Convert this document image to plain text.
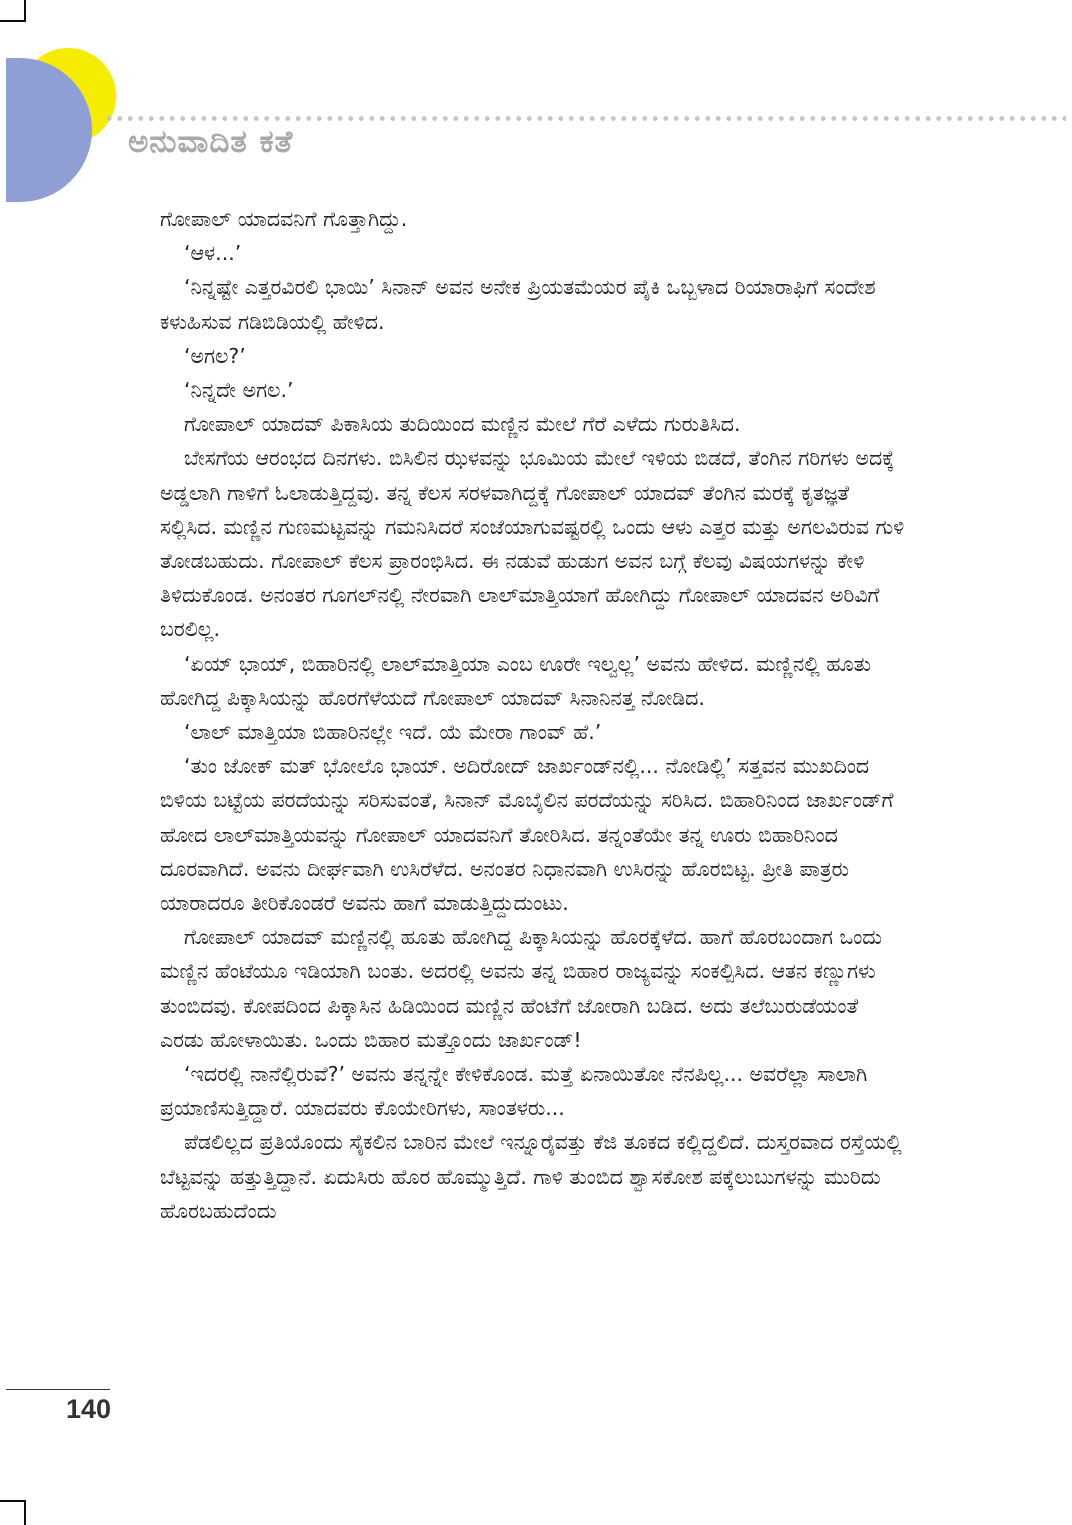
ಅನುವಾದಿತ ಕತೆ

ಗೋಪಾಲ್ ಯಾದವನಿಗೆ ಗೊತ್ತಾಗಿದ್ದು.

‘ಆಳ...’

‘ನಿನ್ನಷ್ಟೇ ಎತ್ತರವಿರಲಿ ಭಾಯಿ’ ಸಿನಾನ್ ಅವನ ಅನೇಕ ಪ್ರಿಯತಮೆಯರ ಪೈಕಿ ಒಬ್ಬಳಾದ ರಿಯಾರಾಫಿಗೆ ಸಂದೇಶ ಕಳುಹಿಸುವ ಗಡಿಬಿಡಿಯಲ್ಲಿ ಹೇಳಿದ.

‘ಅಗಲ?’

‘ನಿನ್ನದೇ ಅಗಲ.’

ಗೋಪಾಲ್ ಯಾದವ್ ಪಿಕಾಸಿಯ ತುದಿಯಿಂದ ಮಣ್ಣಿನ ಮೇಲೆ ಗೆರೆ ಎಳೆದು ಗುರುತಿಸಿದ.

ಬೇಸಗೆಯ ಆರಂಭದ ದಿನಗಳು. ಬಿಸಿಲಿನ ಝಳವನ್ನು ಭೂಮಿಯ ಮೇಲೆ ಇಳಿಯ ಬಿಡದೆ, ತೆಂಗಿನ ಗರಿಗಳು ಅದಕ್ಕೆ ಅಡ್ಡಲಾಗಿ ಗಾಳಿಗೆ ಓಲಾಡುತ್ತಿದ್ದವು. ತನ್ನ ಕೆಲಸ ಸರಳವಾಗಿದ್ದಕ್ಕೆ ಗೋಪಾಲ್ ಯಾದವ್ ತೆಂಗಿನ ಮರಕ್ಕೆ ಕೃತಜ್ಞತೆ ಸಲ್ಲಿಸಿದ. ಮಣ್ಣಿನ ಗುಣಮಟ್ಟವನ್ನು ಗಮನಿಸಿದರೆ ಸಂಜೆಯಾಗುವಷ್ಟರಲ್ಲಿ ಒಂದು ಆಳು ಎತ್ತರ ಮತ್ತು ಅಗಲವಿರುವ ಗುಳಿ ತೋಡಬಹುದು. ಗೋಪಾಲ್ ಕೆಲಸ ಪ್ರಾರಂಭಿಸಿದ. ಈ ನಡುವೆ ಹುಡುಗ ಅವನ ಬಗ್ಗೆ ಕೆಲವು ವಿಷಯಗಳನ್ನು ಕೇಳಿ ತಿಳಿದುಕೊಂಡ. ಅನಂತರ ಗೂಗಲ್‌ನಲ್ಲಿ ನೇರವಾಗಿ ಲಾಲ್‌ಮಾತ್ತಿಯಾಗೆ ಹೋಗಿದ್ದು ಗೋಪಾಲ್ ಯಾದವನ ಅರಿವಿಗೆ ಬರಲಿಲ್ಲ.

‘ಏಯ್ ಭಾಯ್, ಬಿಹಾರಿನಲ್ಲಿ ಲಾಲ್‌ಮಾತ್ತಿಯಾ ಎಂಬ ಊರೇ ಇಲ್ವಲ್ಲ’ ಅವನು ಹೇಳಿದ. ಮಣ್ಣಿನಲ್ಲಿ ಹೂತು ಹೋಗಿದ್ದ ಪಿಕ್ಕಾಸಿಯನ್ನು ಹೊರಗೆಳೆಯದೆ ಗೋಪಾಲ್ ಯಾದವ್ ಸಿನಾನಿನತ್ತ ನೋಡಿದ.

‘ಲಾಲ್ ಮಾತ್ತಿಯಾ ಬಿಹಾರಿನಲ್ಲೇ ಇದೆ. ಯೆ ಮೇರಾ ಗಾಂವ್ ಹೆ.’

‘ತುಂ ಜೋಕ್ ಮತ್ ಭೋಲೊ ಭಾಯ್. ಅದಿರೋದ್ ಜಾರ್ಖಂಡ್‌ನಲ್ಲಿ... ನೋಡಿಲ್ಲಿ’ ಸತ್ತವನ ಮುಖದಿಂದ ಬಿಳಿಯ ಬಟ್ಟೆಯ ಪರದೆಯನ್ನು ಸರಿಸುವಂತೆ, ಸಿನಾನ್ ಮೊಬೈಲಿನ ಪರದೆಯನ್ನು ಸರಿಸಿದ. ಬಿಹಾರಿನಿಂದ ಜಾರ್ಖಂಡ್‌ಗೆ ಹೋದ ಲಾಲ್‌ಮಾತ್ತಿಯವನ್ನು ಗೋಪಾಲ್ ಯಾದವನಿಗೆ ತೋರಿಸಿದ. ತನ್ನಂತೆಯೇ ತನ್ನ ಊರು ಬಿಹಾರಿನಿಂದ ದೂರವಾಗಿದೆ. ಅವನು ದೀರ್ಘವಾಗಿ ಉಸಿರೆಳೆದ. ಅನಂತರ ನಿಧಾನವಾಗಿ ಉಸಿರನ್ನು ಹೊರಬಿಟ್ಟ. ಪ್ರೀತಿ ಪಾತ್ರರು ಯಾರಾದರೂ ತೀರಿಕೊಂಡರೆ ಅವನು ಹಾಗೆ ಮಾಡುತ್ತಿದ್ದುದುಂಟು.

ಗೋಪಾಲ್ ಯಾದವ್ ಮಣ್ಣಿನಲ್ಲಿ ಹೂತು ಹೋಗಿದ್ದ ಪಿಕ್ಕಾಸಿಯನ್ನು ಹೊರಕ್ಕೆಳೆದ. ಹಾಗೆ ಹೊರಬಂದಾಗ ಒಂದು ಮಣ್ಣಿನ ಹೆಂಟೆಯೂ ಇಡಿಯಾಗಿ ಬಂತು. ಅದರಲ್ಲಿ ಅವನು ತನ್ನ ಬಿಹಾರ ರಾಜ್ಯವನ್ನು ಸಂಕಲ್ಪಿಸಿದ. ಆತನ ಕಣ್ಣುಗಳು ತುಂಬಿದವು. ಕೋಪದಿಂದ ಪಿಕ್ಕಾಸಿನ ಹಿಡಿಯಿಂದ ಮಣ್ಣಿನ ಹೆಂಟೆಗೆ ಜೋರಾಗಿ ಬಡಿದ. ಅದು ತಲೆಬುರುಡೆಯಂತೆ ಎರಡು ಹೋಳಾಯಿತು. ಒಂದು ಬಿಹಾರ ಮತ್ತೊಂದು ಜಾರ್ಖಂಡ್!

‘ಇದರಲ್ಲಿ ನಾನೆಲ್ಲಿರುವೆ?’ ಅವನು ತನ್ನನ್ನೇ ಕೇಳಿಕೊಂಡ. ಮತ್ತೆ ಏನಾಯಿತೋ ನೆನಪಿಲ್ಲ... ಅವರೆಲ್ಲಾ ಸಾಲಾಗಿ ಪ್ರಯಾಣಿಸುತ್ತಿದ್ದಾರೆ. ಯಾದವರು ಕೊಯೇರಿಗಳು, ಸಾಂತಳರು...

ಪೆಡಲಿಲ್ಲದ ಪ್ರತಿಯೊಂದು ಸೈಕಲಿನ ಬಾರಿನ ಮೇಲೆ ಇನ್ನೂರೈವತ್ತು ಕೆಜಿ ತೂಕದ ಕಲ್ಲಿದ್ದಲಿದೆ. ದುಸ್ತರವಾದ ರಸ್ತೆಯಲ್ಲಿ ಬೆಟ್ಟವನ್ನು ಹತ್ತುತ್ತಿದ್ದಾನೆ. ಏದುಸಿರು ಹೊರ ಹೊಮ್ಮುತ್ತಿದೆ. ಗಾಳಿ ತುಂಬಿದ ಶ್ವಾಸಕೋಶ ಪಕ್ಕೆಲುಬುಗಳನ್ನು ಮುರಿದು ಹೊರಬಹುದೆಂದು

140
